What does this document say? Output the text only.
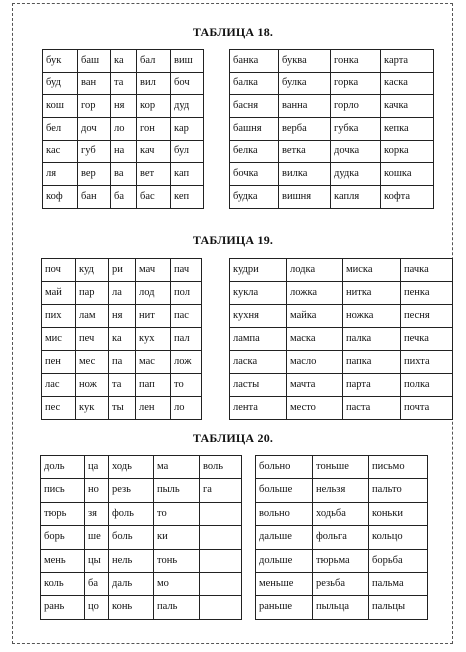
ТАБЛИЦА 18.
бук	баш	ка	бал	виш
буд	ван	та	вил	боч
кош	гор	ня	кор	дуд
бел	доч	ло	гон	кар
кас	губ	на	кач	бул
ля	вер	ва	вет	кап
коф	бан	ба	бас	кеп
банка	буква	гонка	карта
балка	булка	горка	каска
басня	ванна	горло	качка
башня	верба	губка	кепка
белка	ветка	дочка	корка
бочка	вилка	дудка	кошка
будка	вишня	капля	кофта
ТАБЛИЦА 19.
поч	куд	ри	мач	пач
май	пар	ла	лод	пол
пих	лам	ня	нит	пас
мис	печ	ка	кух	пал
пен	мес	па	мас	лож
лас	нож	та	пап	то
пес	кук	ты	лен	ло
кудри	лодка	миска	пачка
кукла	ложка	нитка	пенка
кухня	майка	ножка	песня
лампа	маска	палка	печка
ласка	масло	папка	пихта
ласты	мачта	парта	полка
лента	место	паста	почта
ТАБЛИЦА 20.
доль	ца	ходь	ма	воль
пись	но	резь	пыль	га
тюрь	зя	фоль	то	
борь	ше	боль	ки	
мень	цы	нель	тонь	
коль	ба	даль	мо	
рань	цо	конь	паль	
больно	тоньше	письмо
больше	нельзя	пальто
вольно	ходьба	коньки
дальше	фольга	кольцо
дольше	тюрьма	борьба
меньше	резьба	пальма
раньше	пыльца	пальцы
